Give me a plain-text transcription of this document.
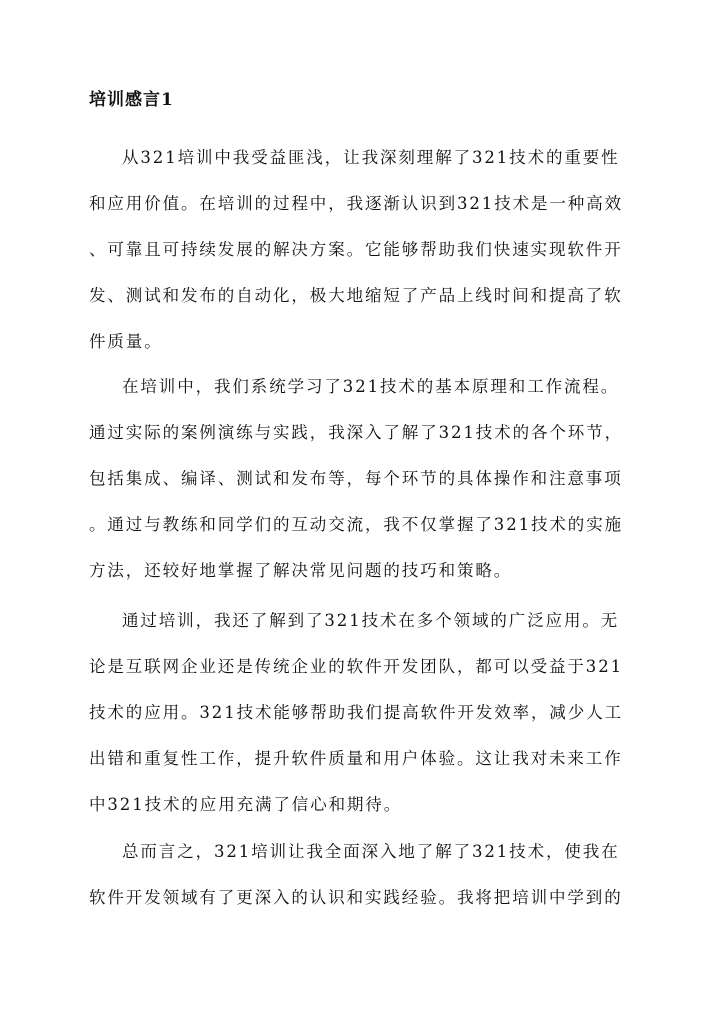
培训感言1

从321培训中我受益匪浅，让我深刻理解了321技术的重要性
和应用价值。在培训的过程中，我逐渐认识到321技术是一种高效
、可靠且可持续发展的解决方案。它能够帮助我们快速实现软件开
发、测试和发布的自动化，极大地缩短了产品上线时间和提高了软
件质量。

在培训中，我们系统学习了321技术的基本原理和工作流程。
通过实际的案例演练与实践，我深入了解了321技术的各个环节，
包括集成、编译、测试和发布等，每个环节的具体操作和注意事项
。通过与教练和同学们的互动交流，我不仅掌握了321技术的实施
方法，还较好地掌握了解决常见问题的技巧和策略。

通过培训，我还了解到了321技术在多个领域的广泛应用。无
论是互联网企业还是传统企业的软件开发团队，都可以受益于321
技术的应用。321技术能够帮助我们提高软件开发效率，减少人工
出错和重复性工作，提升软件质量和用户体验。这让我对未来工作
中321技术的应用充满了信心和期待。

总而言之，321培训让我全面深入地了解了321技术，使我在
软件开发领域有了更深入的认识和实践经验。我将把培训中学到的
